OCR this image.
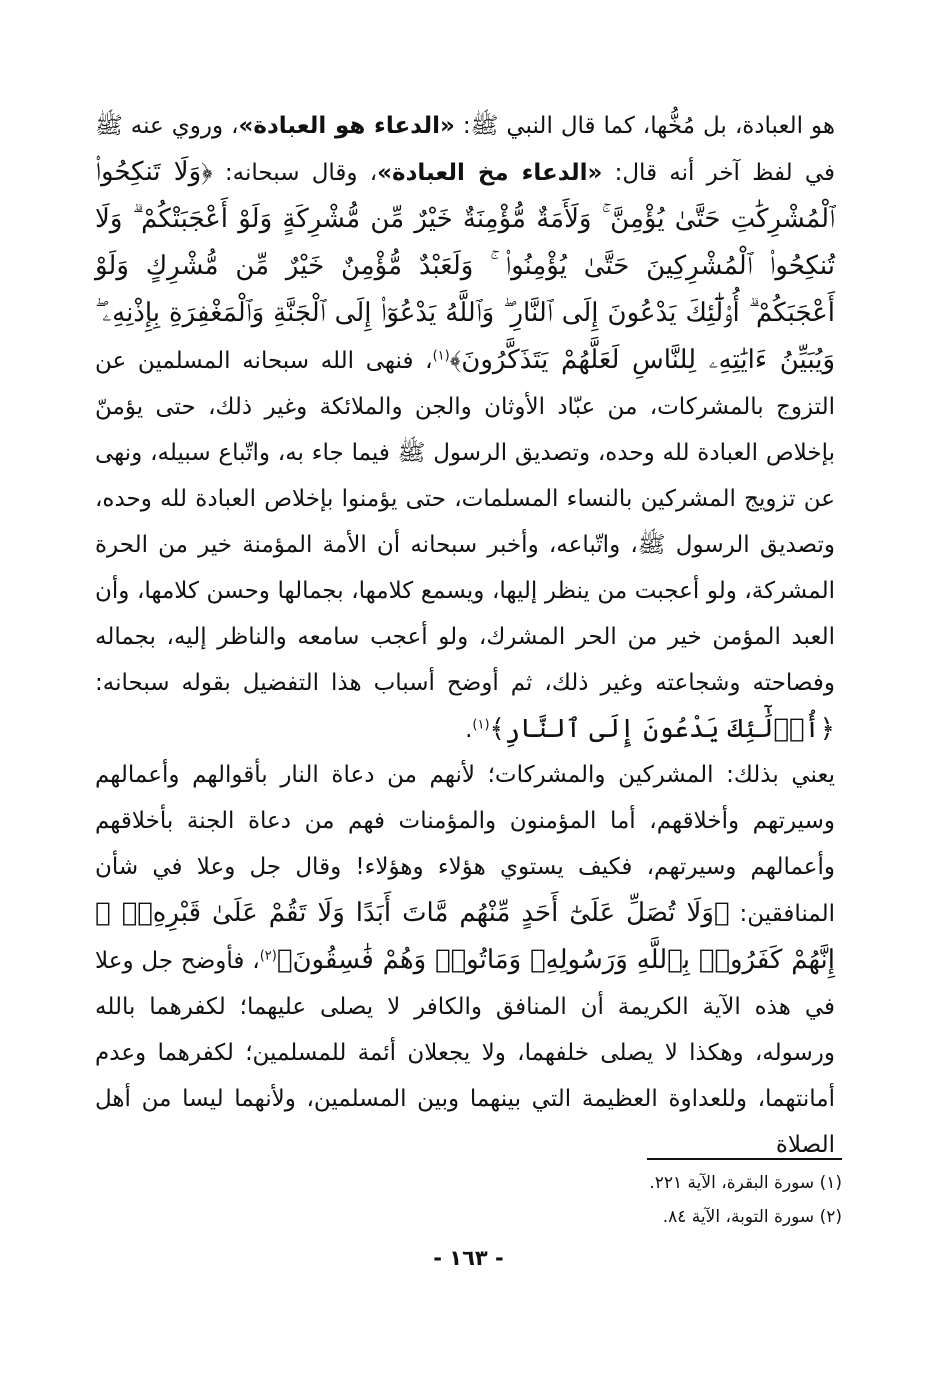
هو العبادة، بل مُخُّها، كما قال النبي ﷺ: «الدعاء هو العبادة»، وروي عنه ﷺ في لفظ آخر أنه قال: «الدعاء مخ العبادة»، وقال سبحانه: ﴿وَلَا تَنكِحُوا۟ ٱلْمُشْرِكَٰتِ حَتَّىٰ يُؤْمِنَّ ۚ وَلَأَمَةٌ مُّؤْمِنَةٌ خَيْرٌ مِّن مُّشْرِكَةٍ وَلَوْ أَعْجَبَتْكُمْ ۗ وَلَا تُنكِحُوا۟ ٱلْمُشْرِكِينَ حَتَّىٰ يُؤْمِنُوا۟ ۚ وَلَعَبْدٌ مُّؤْمِنٌ خَيْرٌ مِّن مُّشْرِكٍ وَلَوْ أَعْجَبَكُمْ ۗ أُو۟لَٰٓئِكَ يَدْعُونَ إِلَى ٱلنَّارِ ۖ وَٱللَّهُ يَدْعُوٓا۟ إِلَى ٱلْجَنَّةِ وَٱلْمَغْفِرَةِ بِإِذْنِهِۦ ۖ وَيُبَيِّنُ ءَايَٰتِهِۦ لِلنَّاسِ لَعَلَّهُمْ يَتَذَكَّرُونَ﴾$^{(١)}$، فنهى الله سبحانه المسلمين عن التزوج بالمشركات، من عبّاد الأوثان والجن والملائكة وغير ذلك، حتى يؤمنّ بإخلاص العبادة لله وحده، وتصديق الرسول ﷺ فيما جاء به، واتّباع سبيله، ونهى عن تزويج المشركين بالنساء المسلمات، حتى يؤمنوا بإخلاص العبادة لله وحده، وتصديق الرسول ﷺ، واتّباعه، وأخبر سبحانه أن الأمة المؤمنة خير من الحرة المشركة، ولو أعجبت من ينظر إليها، ويسمع كلامها، بجمالها وحسن كلامها، وأن العبد المؤمن خير من الحر المشرك، ولو أعجب سامعه والناظر إليه، بجماله وفصاحته وشجاعته وغير ذلك، ثم أوضح أسباب هذا التفضيل بقوله سبحانه: ﴿أُو۟لَٰٓئِكَ يَدْعُونَ إِلَى ٱلنَّارِ﴾$^{(١)}$.
يعني بذلك: المشركين والمشركات؛ لأنهم من دعاة النار بأقوالهم وأعمالهم وسيرتهم وأخلاقهم، أما المؤمنون والمؤمنات فهم من دعاة الجنة بأخلاقهم وأعمالهم وسيرتهم، فكيف يستوي هؤلاء وهؤلاء! وقال جل وعلا في شأن المنافقين: ﴿وَلَا تُصَلِّ عَلَىٰٓ أَحَدٍ مِّنْهُم مَّاتَ أَبَدًا وَلَا تَقُمْ عَلَىٰ قَبْرِهِۦٓ ۖ إِنَّهُمْ كَفَرُوا۟ بِٱللَّهِ وَرَسُولِهِۦ وَمَاتُوا۟ وَهُمْ فَٰسِقُونَ﴾$^{(٢)}$، فأوضح جل وعلا في هذه الآية الكريمة أن المنافق والكافر لا يصلى عليهما؛ لكفرهما بالله ورسوله، وهكذا لا يصلى خلفهما، ولا يجعلان أئمة للمسلمين؛ لكفرهما وعدم أمانتهما، وللعداوة العظيمة التي بينهما وبين المسلمين، ولأنهما ليسا من أهل الصلاة
(١) سورة البقرة، الآية ٢٢١.
(٢) سورة التوبة، الآية ٨٤.
- ١٦٣ -
